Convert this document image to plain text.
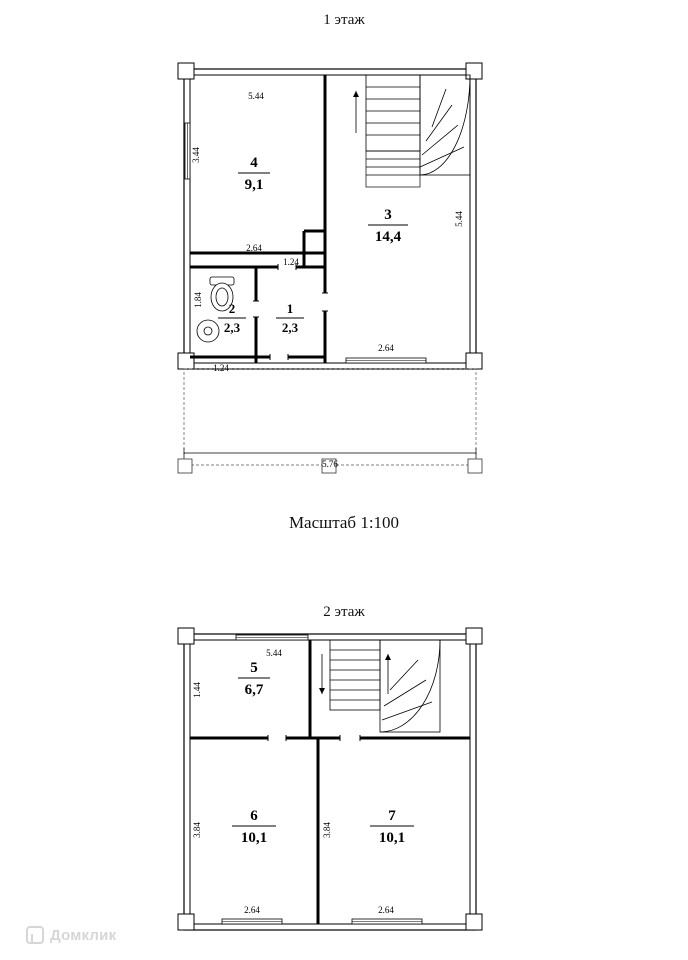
1 этаж
5.44
2.64
1.24
1.24
2.64
5.76
3.44
5.44
1.84
4
9,1
3
14,4
2
2,3
1
2,3
Масштаб 1:100
2 этаж
5.44
1.44
3.84	3.84
2.64	2.64
5
6,7
6
10,1
7
10,1
Домклик
